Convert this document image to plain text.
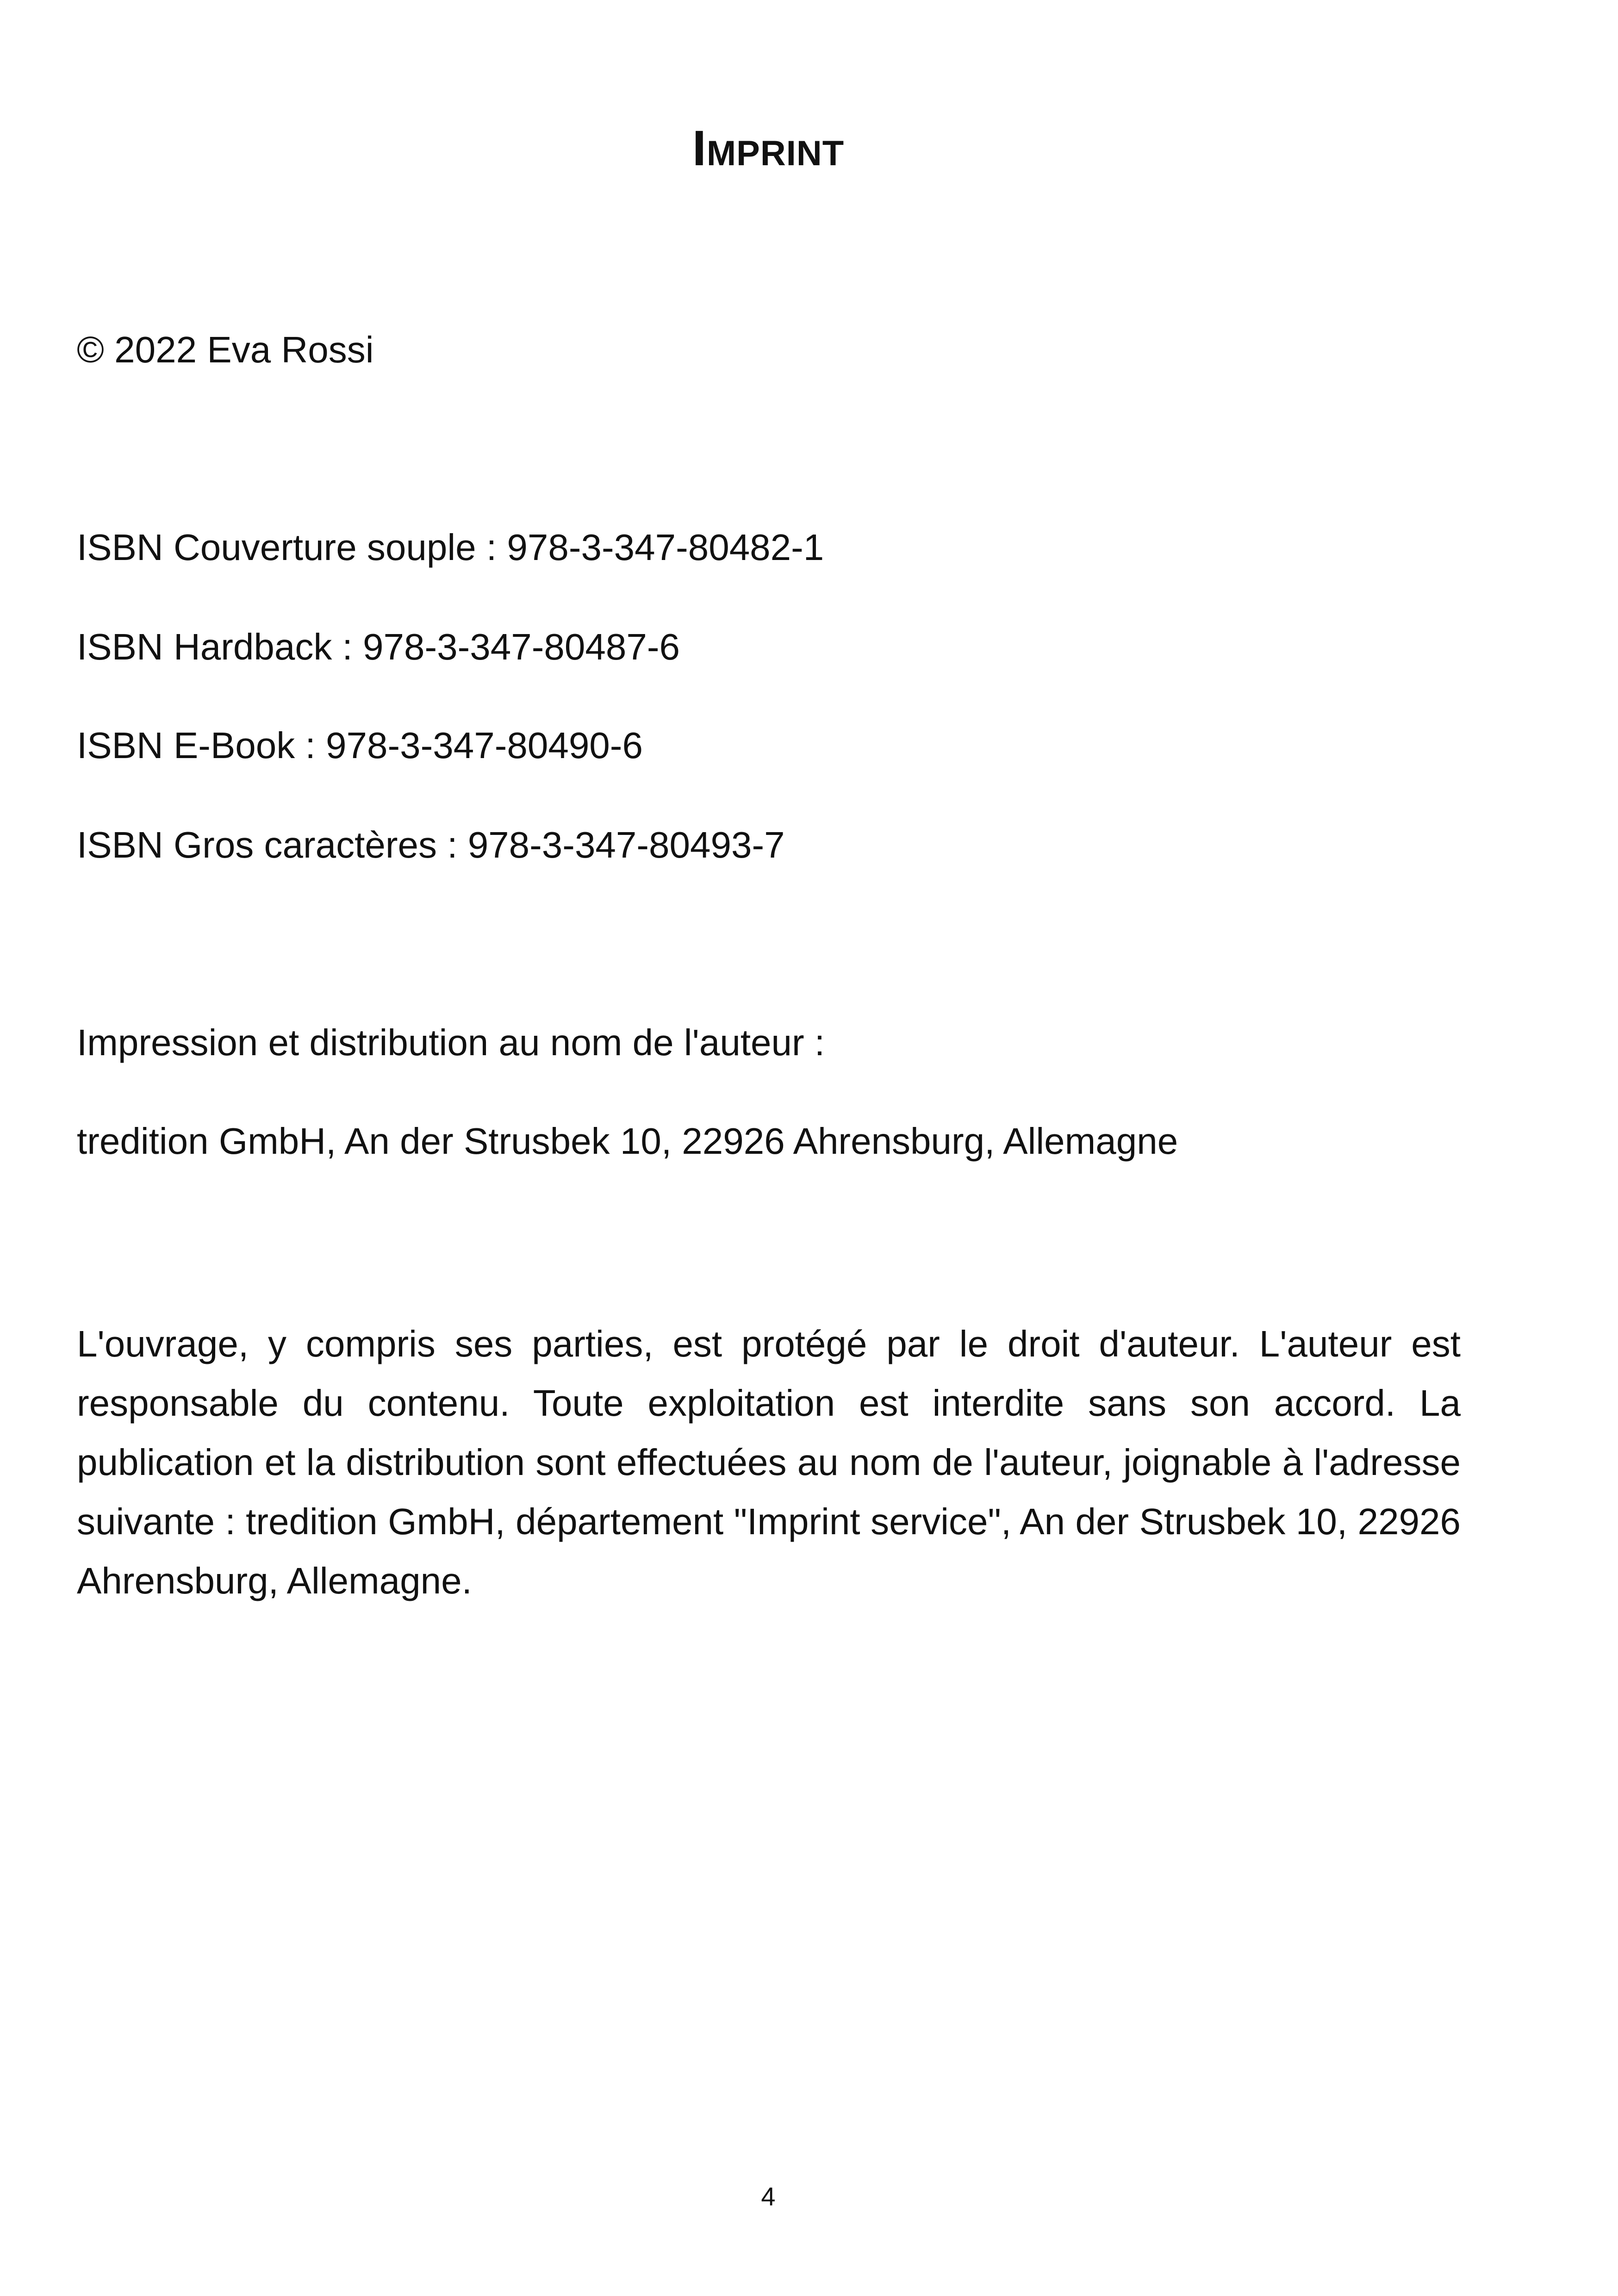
Imprint
© 2022 Eva Rossi
ISBN Couverture souple : 978-3-347-80482-1
ISBN Hardback : 978-3-347-80487-6
ISBN E-Book : 978-3-347-80490-6
ISBN Gros caractères : 978-3-347-80493-7
Impression et distribution au nom de l'auteur :
tredition GmbH, An der Strusbek 10, 22926 Ahrensburg, Allemagne
L'ouvrage, y compris ses parties, est protégé par le droit d'auteur. L'auteur est responsable du contenu. Toute exploitation est interdite sans son accord. La publication et la distribution sont effectuées au nom de l'auteur, joignable à l'adresse suivante : tredition GmbH, département "Imprint service", An der Strusbek 10, 22926 Ahrensburg, Allemagne.
4
